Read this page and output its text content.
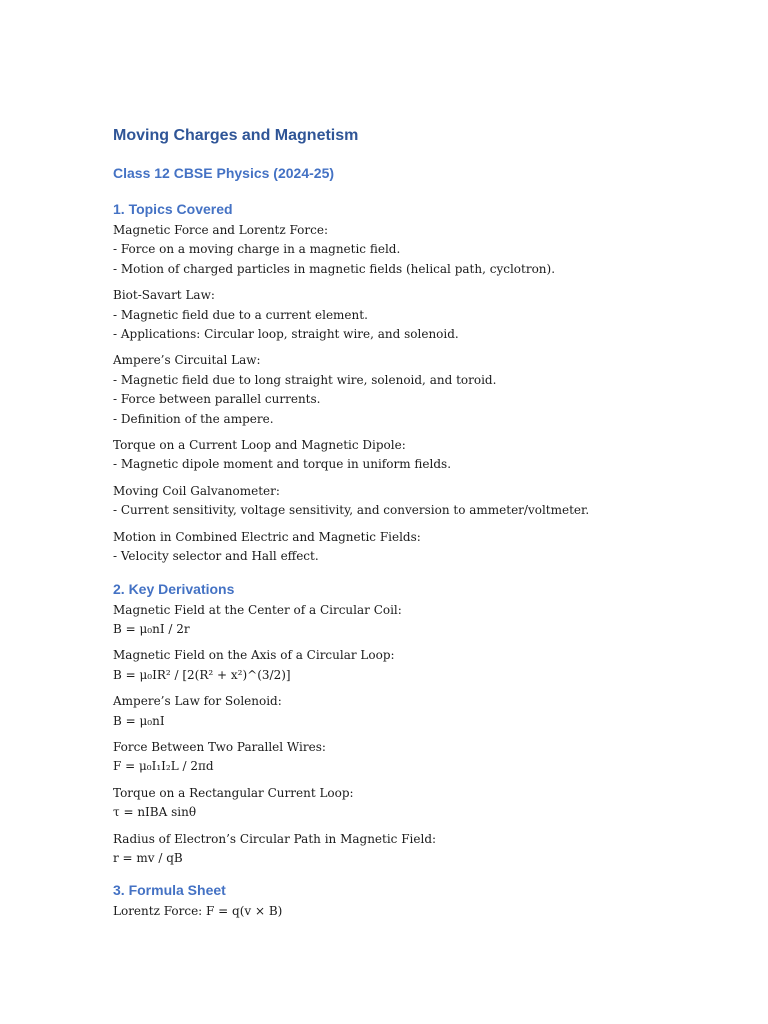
Moving Charges and Magnetism
Class 12 CBSE Physics (2024-25)
1. Topics Covered
Magnetic Force and Lorentz Force:
- Force on a moving charge in a magnetic field.
- Motion of charged particles in magnetic fields (helical path, cyclotron).
Biot-Savart Law:
- Magnetic field due to a current element.
- Applications: Circular loop, straight wire, and solenoid.
Ampere’s Circuital Law:
- Magnetic field due to long straight wire, solenoid, and toroid.
- Force between parallel currents.
- Definition of the ampere.
Torque on a Current Loop and Magnetic Dipole:
- Magnetic dipole moment and torque in uniform fields.
Moving Coil Galvanometer:
- Current sensitivity, voltage sensitivity, and conversion to ammeter/voltmeter.
Motion in Combined Electric and Magnetic Fields:
- Velocity selector and Hall effect.
2. Key Derivations
Magnetic Field at the Center of a Circular Coil:
B = μ₀nI / 2r
Magnetic Field on the Axis of a Circular Loop:
B = μ₀IR² / [2(R² + x²)^(3/2)]
Ampere’s Law for Solenoid:
B = μ₀nI
Force Between Two Parallel Wires:
F = μ₀I₁I₂L / 2πd
Torque on a Rectangular Current Loop:
τ = nIBA sinθ
Radius of Electron’s Circular Path in Magnetic Field:
r = mv / qB
3. Formula Sheet
Lorentz Force: F = q(v × B)
